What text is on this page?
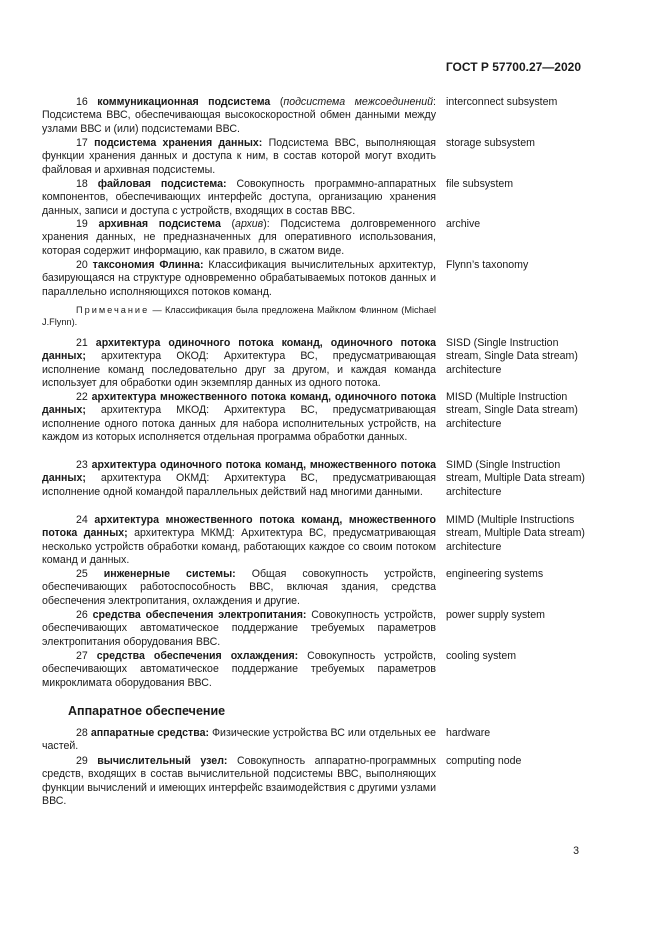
ГОСТ Р 57700.27—2020
16 коммуникационная подсистема (подсистема межсоединений: Подсистема ВВС, обеспечивающая высокоскоростной обмен данными между узлами ВВС и (или) подсистемами ВВС.
interconnect subsystem
17 подсистема хранения данных: Подсистема ВВС, выполняющая функции хранения данных и доступа к ним, в состав которой могут входить файловая и архивная подсистемы.
storage subsystem
18 файловая подсистема: Совокупность программно-аппаратных компонентов, обеспечивающих интерфейс доступа, организацию хранения данных, записи и доступа с устройств, входящих в состав ВВС.
file subsystem
19 архивная подсистема (архив): Подсистема долговременного хранения данных, не предназначенных для оперативного использования, которая содержит информацию, как правило, в сжатом виде.
archive
20 таксономия Флинна: Классификация вычислительных архитектур, базирующаяся на структуре одновременно обрабатываемых потоков данных и параллельно исполняющихся потоков команд.
Flynn’s taxonomy
Примечание — Классификация была предложена Майклом Флинном (Michael J.Flynn).
21 архитектура одиночного потока команд, одиночного потока данных; архитектура ОКОД: Архитектура ВС, предусматривающая исполнение команд последовательно друг за другом, и каждая команда использует для обработки один экземпляр данных из одного потока.
SISD (Single Instruction stream, Single Data stream) architecture
22 архитектура множественного потока команд, одиночного потока данных; архитектура МКОД: Архитектура ВС, предусматривающая исполнение одного потока данных для набора исполнительных устройств, на каждом из которых исполняется отдельная программа обработки данных.
MISD (Multiple Instruction stream, Single Data stream) architecture
23 архитектура одиночного потока команд, множественного потока данных; архитектура ОКМД: Архитектура ВС, предусматривающая исполнение одной командой параллельных действий над многими данными.
SIMD (Single Instruction stream, Multiple Data stream) architecture
24 архитектура множественного потока команд, множественного потока данных; архитектура МКМД: Архитектура ВС, предусматривающая несколько устройств обработки команд, работающих каждое со своим потоком команд и данных.
MIMD (Multiple Instructions stream, Multiple Data stream) architecture
25 инженерные системы: Общая совокупность устройств, обеспечивающих работоспособность ВВС, включая здания, средства обеспечения электропитания, охлаждения и другие.
engineering systems
26 средства обеспечения электропитания: Совокупность устройств, обеспечивающих автоматическое поддержание требуемых параметров электропитания оборудования ВВС.
power supply system
27 средства обеспечения охлаждения: Совокупность устройств, обеспечивающих автоматическое поддержание требуемых параметров микроклимата оборудования ВВС.
cooling system
Аппаратное обеспечение
28 аппаратные средства: Физические устройства ВС или отдельных ее частей.
hardware
29 вычислительный узел: Совокупность аппаратно-программных средств, входящих в состав вычислительной подсистемы ВВС, выполняющих функции вычислений и имеющих интерфейс взаимодействия с другими узлами ВВС.
computing node
3
